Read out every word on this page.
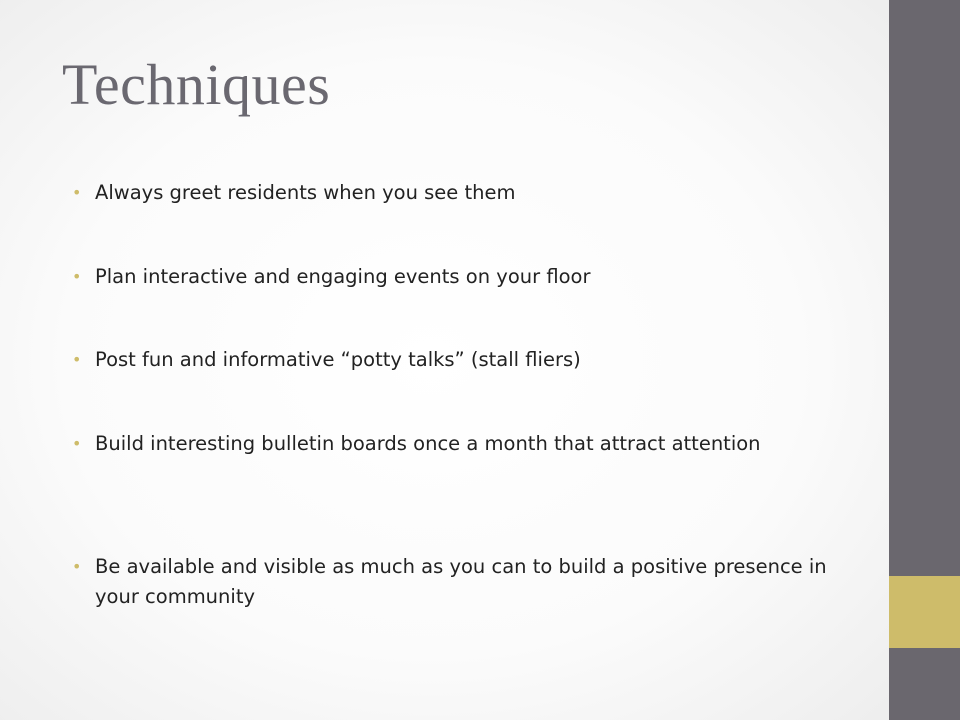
Techniques
• Always greet residents when you see them
• Plan interactive and engaging events on your floor
• Post fun and informative “potty talks” (stall fliers)
• Build interesting bulletin boards once a month that attract attention
• Be available and visible as much as you can to build a positive presence in your community
